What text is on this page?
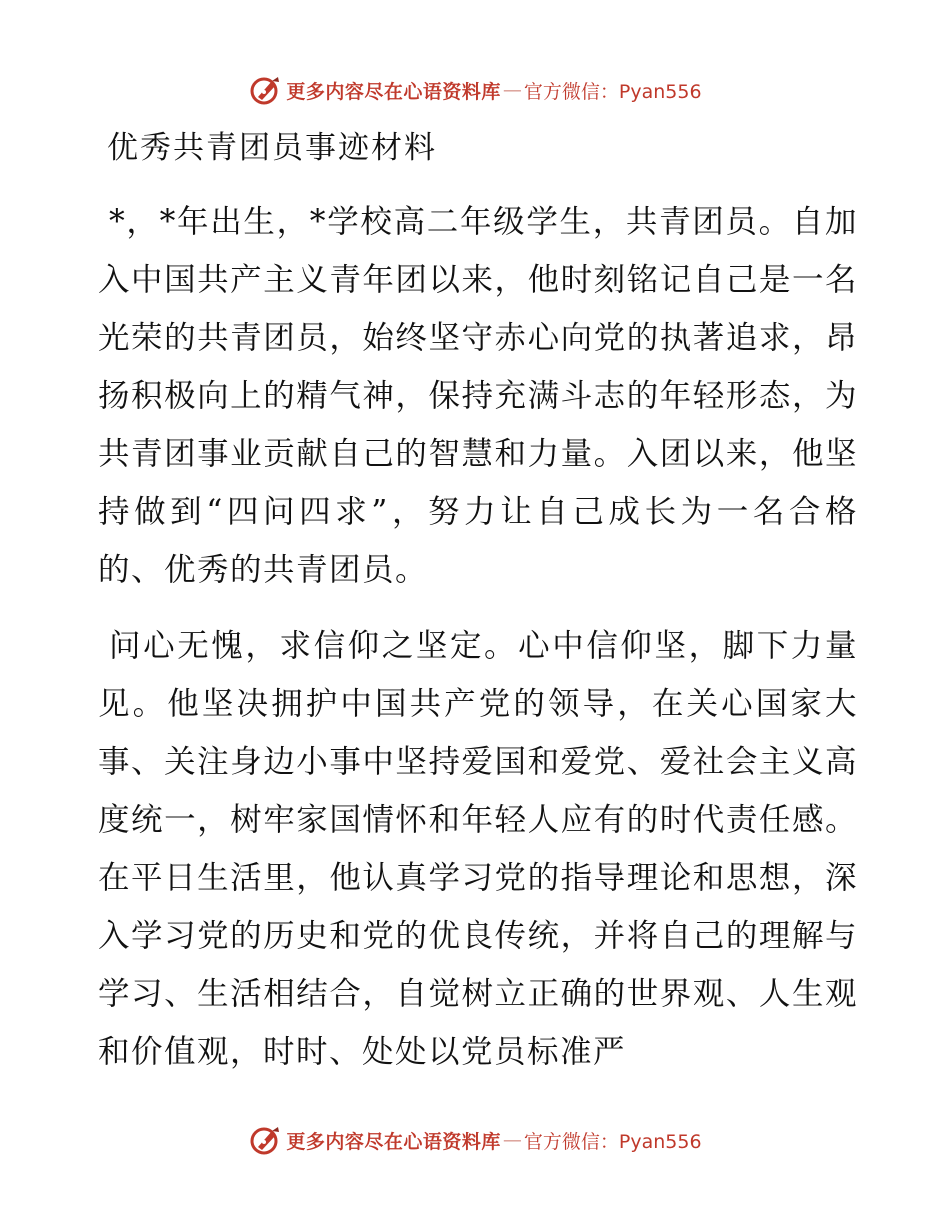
更多内容尽在心语资料库 — 官方微信：Pyan556
优秀共青团员事迹材料

*，*年出生，*学校高二年级学生，共青团员。自加入中国共产主义青年团以来，他时刻铭记自己是一名光荣的共青团员，始终坚守赤心向党的执著追求，昂扬积极向上的精气神，保持充满斗志的年轻形态，为共青团事业贡献自己的智慧和力量。入团以来，他坚持做到“四问四求”，努力让自己成长为一名合格的、优秀的共青团员。

问心无愧，求信仰之坚定。心中信仰坚，脚下力量见。他坚决拥护中国共产党的领导，在关心国家大事、关注身边小事中坚持爱国和爱党、爱社会主义高度统一，树牢家国情怀和年轻人应有的时代责任感。在平日生活里，他认真学习党的指导理论和思想，深入学习党的历史和党的优良传统，并将自己的理解与学习、生活相结合，自觉树立正确的世界观、人生观和价值观，时时、处处以党员标准严

更多内容尽在心语资料库 — 官方微信：Pyan556
